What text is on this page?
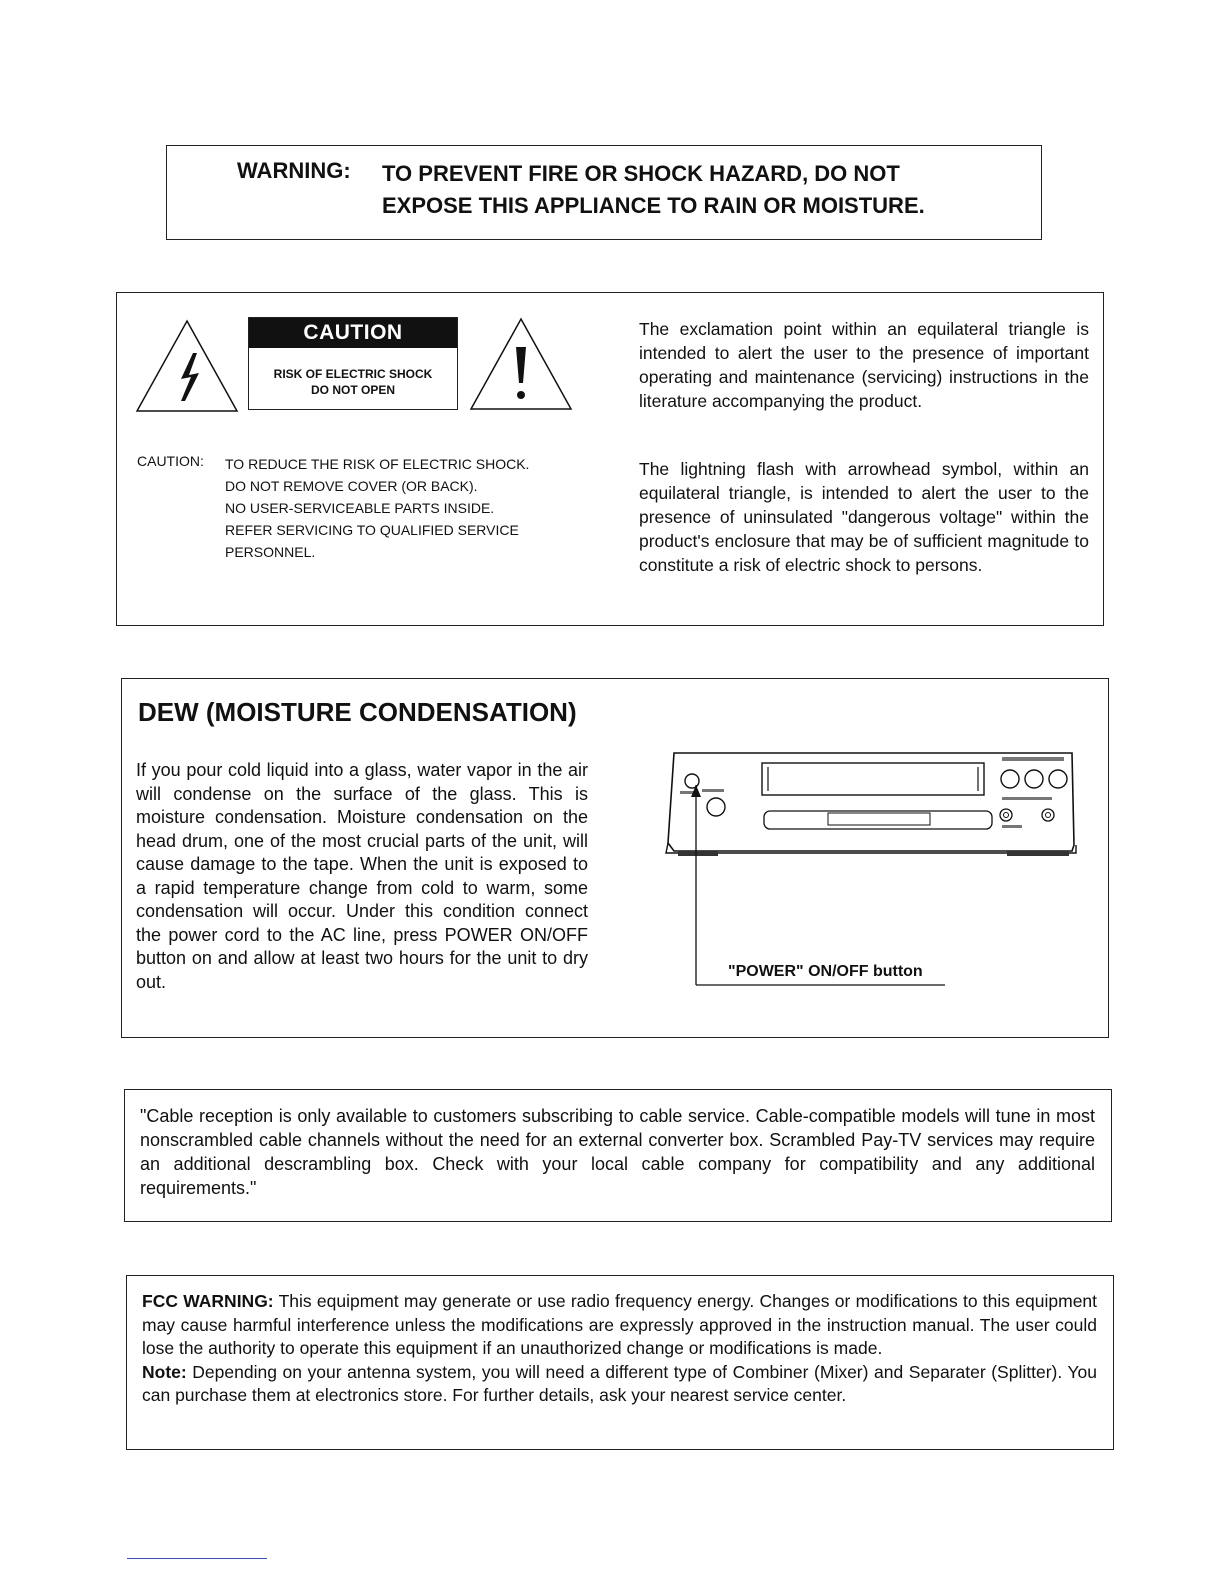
WARNING: TO PREVENT FIRE OR SHOCK HAZARD, DO NOT
EXPOSE THIS APPLIANCE TO RAIN OR MOISTURE.
CAUTION
RISK OF ELECTRIC SHOCK
DO NOT OPEN
CAUTION: TO REDUCE THE RISK OF ELECTRIC SHOCK.
DO NOT REMOVE COVER (OR BACK).
NO USER-SERVICEABLE PARTS INSIDE.
REFER SERVICING TO QUALIFIED SERVICE
PERSONNEL.
The exclamation point within an equilateral triangle is intended to alert the user to the presence of important operating and maintenance (servicing) instructions in the literature accompanying the product.
The lightning flash with arrowhead symbol, within an equilateral triangle, is intended to alert the user to the presence of uninsulated "dangerous voltage" within the product's enclosure that may be of sufficient magnitude to constitute a risk of electric shock to persons.
DEW (MOISTURE CONDENSATION)
If you pour cold liquid into a glass, water vapor in the air will condense on the surface of the glass. This is moisture condensation. Moisture condensation on the head drum, one of the most crucial parts of the unit, will cause damage to the tape. When the unit is exposed to a rapid temperature change from cold to warm, some condensation will occur. Under this condition connect the power cord to the AC line, press POWER ON/OFF button on and allow at least two hours for the unit to dry out.	"POWER" ON/OFF button
"Cable reception is only available to customers subscribing to cable service. Cable-compatible models will tune in most nonscrambled cable channels without the need for an external converter box. Scrambled Pay-TV services may require an additional descrambling box. Check with your local cable company for compatibility and any additional requirements."

FCC WARNING: This equipment may generate or use radio frequency energy. Changes or modifications to this equipment may cause harmful interference unless the modifications are expressly approved in the instruction manual. The user could lose the authority to operate this equipment if an unauthorized change or modifications is made.

Note: Depending on your antenna system, you will need a different type of Combiner (Mixer) and Separater (Splitter). You can purchase them at electronics store. For further details, ask your nearest service center.
